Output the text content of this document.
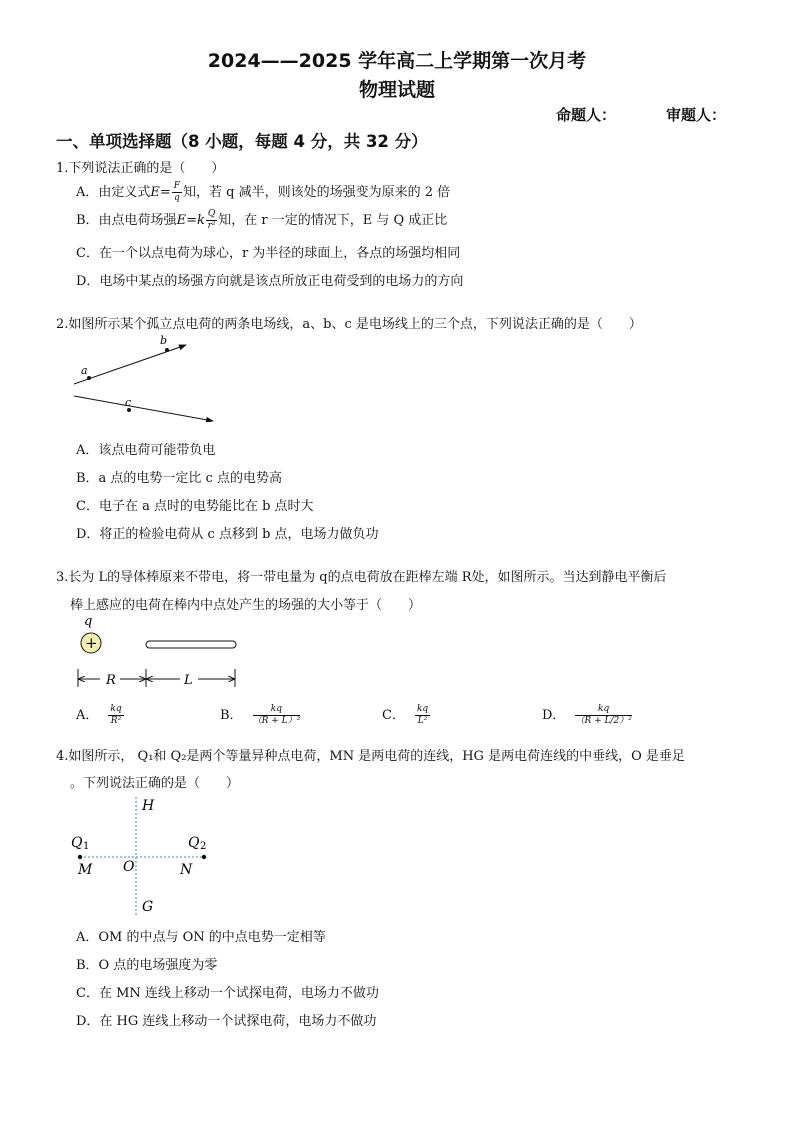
2024——2025 学年高二上学期第一次月考
物理试题
命题人：	审题人：
一、单项选择题（8 小题，每题 4 分，共 32 分）
1.下列说法正确的是（　　）
A．由定义式 $E = \frac{F}{q}$ 知，若 q 减半，则该处的场强变为原来的 2 倍
B．由点电荷场强 E = k $\frac{Q}{\text{r²}}$ 知，在 r 一定的情况下，E 与 Q 成正比
C．在一个以点电荷为球心，r 为半径的球面上，各点的场强均相同
D．电场中某点的场强方向就是该点所放正电荷受到的电场力的方向
2.如图所示某个孤立点电荷的两条电场线，a、b、c 是电场线上的三个点，下列说法正确的是（　　）
a
b
c
A．该点电荷可能带负电
B．a 点的电势一定比 c 点的电势高
C．电子在 a 点时的电势能比在 b 点时大
D．将正的检验电荷从 c 点移到 b 点，电场力做负功
3.长为 L的导体棒原来不带电，将一带电量为 q的点电荷放在距棒左端 R处，如图所示。当达到静电平衡后
棒上感应的电荷在棒内中点处产生的场强的大小等于（　　）
q
+
R	L
A． $\frac{kq}{\text{R²}}$	B． $\frac{kq}{\text{（R + L）²}}$	C． $\frac{kq}{\text{L²}}$	D． $\frac{kq}{\text{（R + L/2）²}}$
4.如图所示， Q₁和 Q₂是两个等量异种点电荷，MN 是两电荷的连线，HG 是两电荷连线的中垂线，O 是垂足
。下列说法正确的是（　　）
H
G
Q 1	Q 2
M O	N
A．OM 的中点与 ON 的中点电势一定相等
B．O 点的电场强度为零
C．在 MN 连线上移动一个试探电荷，电场力不做功
D．在 HG 连线上移动一个试探电荷，电场力不做功
